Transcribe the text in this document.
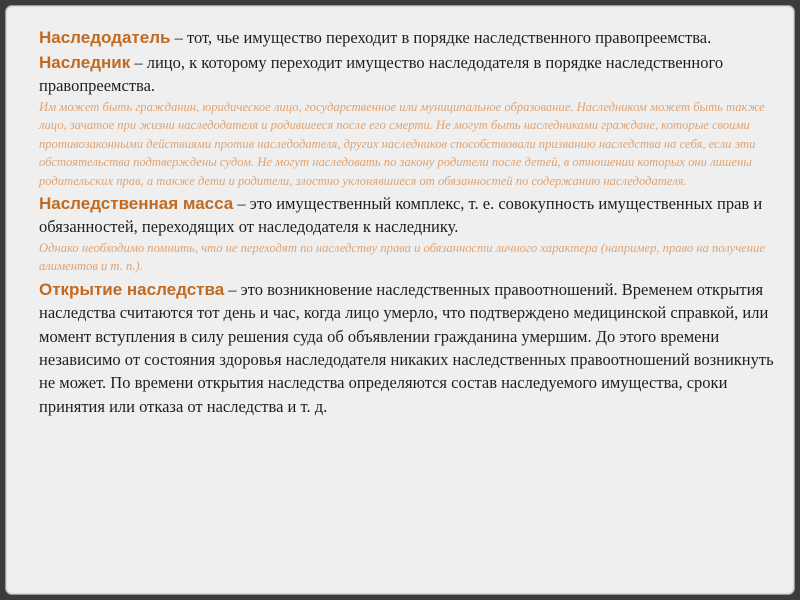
Наследодатель – тот, чье имущество переходит в порядке наследственного правопреемства.

Наследник – лицо, к которому переходит имущество наследодателя в порядке наследственного правопреемства.

Им может быть гражданин, юридическое лицо, государственное или муниципальное образование. Наследником может быть также лицо, зачатое при жизни наследодателя и родившееся после его смерти. Не могут быть наследниками граждане, которые своими противозаконными действиями против наследодателя, других наследников способствовали призванию наследства на себя, если эти обстоятельства подтверждены судом. Не могут наследовать по закону родители после детей, в отношении которых они лишены родительских прав, а также дети и родители, злостно уклонявшиеся от обязанностей по содержанию наследодателя.

Наследственная масса – это имущественный комплекс, т. е. совокупность имущественных прав и обязанностей, переходящих от наследодателя к наследнику.

Однако необходимо помнить, что не переходят по наследству права и обязанности личного характера (например, право на получение алиментов и т. п.).

Открытие наследства – это возникновение наследственных правоотношений. Временем открытия наследства считаются тот день и час, когда лицо умерло, что подтверждено медицинской справкой, или момент вступления в силу решения суда об объявлении гражданина умершим. До этого времени независимо от состояния здоровья наследодателя никаких наследственных правоотношений возникнуть не может. По времени открытия наследства определяются состав наследуемого имущества, сроки принятия или отказа от наследства и т. д.
